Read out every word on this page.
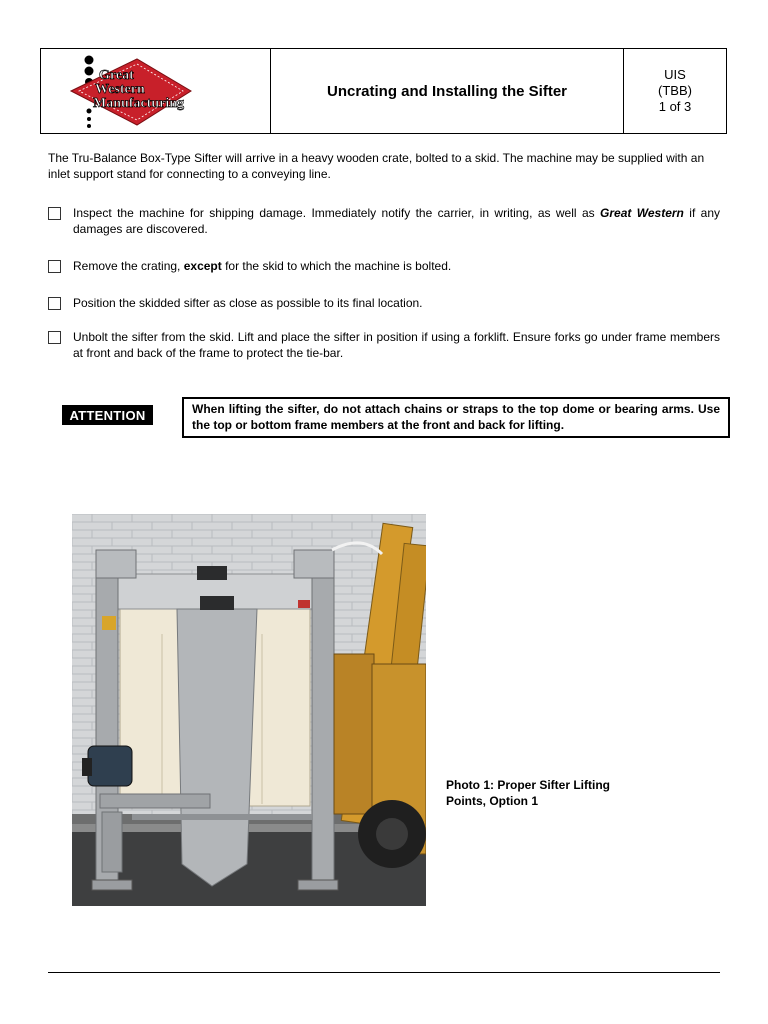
Great
Western
Manufacturing
Uncrating and Installing the Sifter
UIS
(TBB)
1 of 3
The Tru-Balance Box-Type Sifter will arrive in a heavy wooden crate, bolted to a skid. The machine may be supplied with an inlet support stand for connecting to a conveying line.
Inspect the machine for shipping damage. Immediately notify the carrier, in writing, as well as Great Western if any damages are discovered.
Remove the crating, except for the skid to which the machine is bolted.
Position the skidded sifter as close as possible to its final location.
Unbolt the sifter from the skid. Lift and place the sifter in position if using a forklift. Ensure forks go under frame members at front and back of the frame to protect the tie-bar.
ATTENTION	When lifting the sifter, do not attach chains or straps to the top dome or bearing arms. Use the top or bottom frame members at the front and back for lifting.
Photo 1: Proper Sifter Lifting Points, Option 1
